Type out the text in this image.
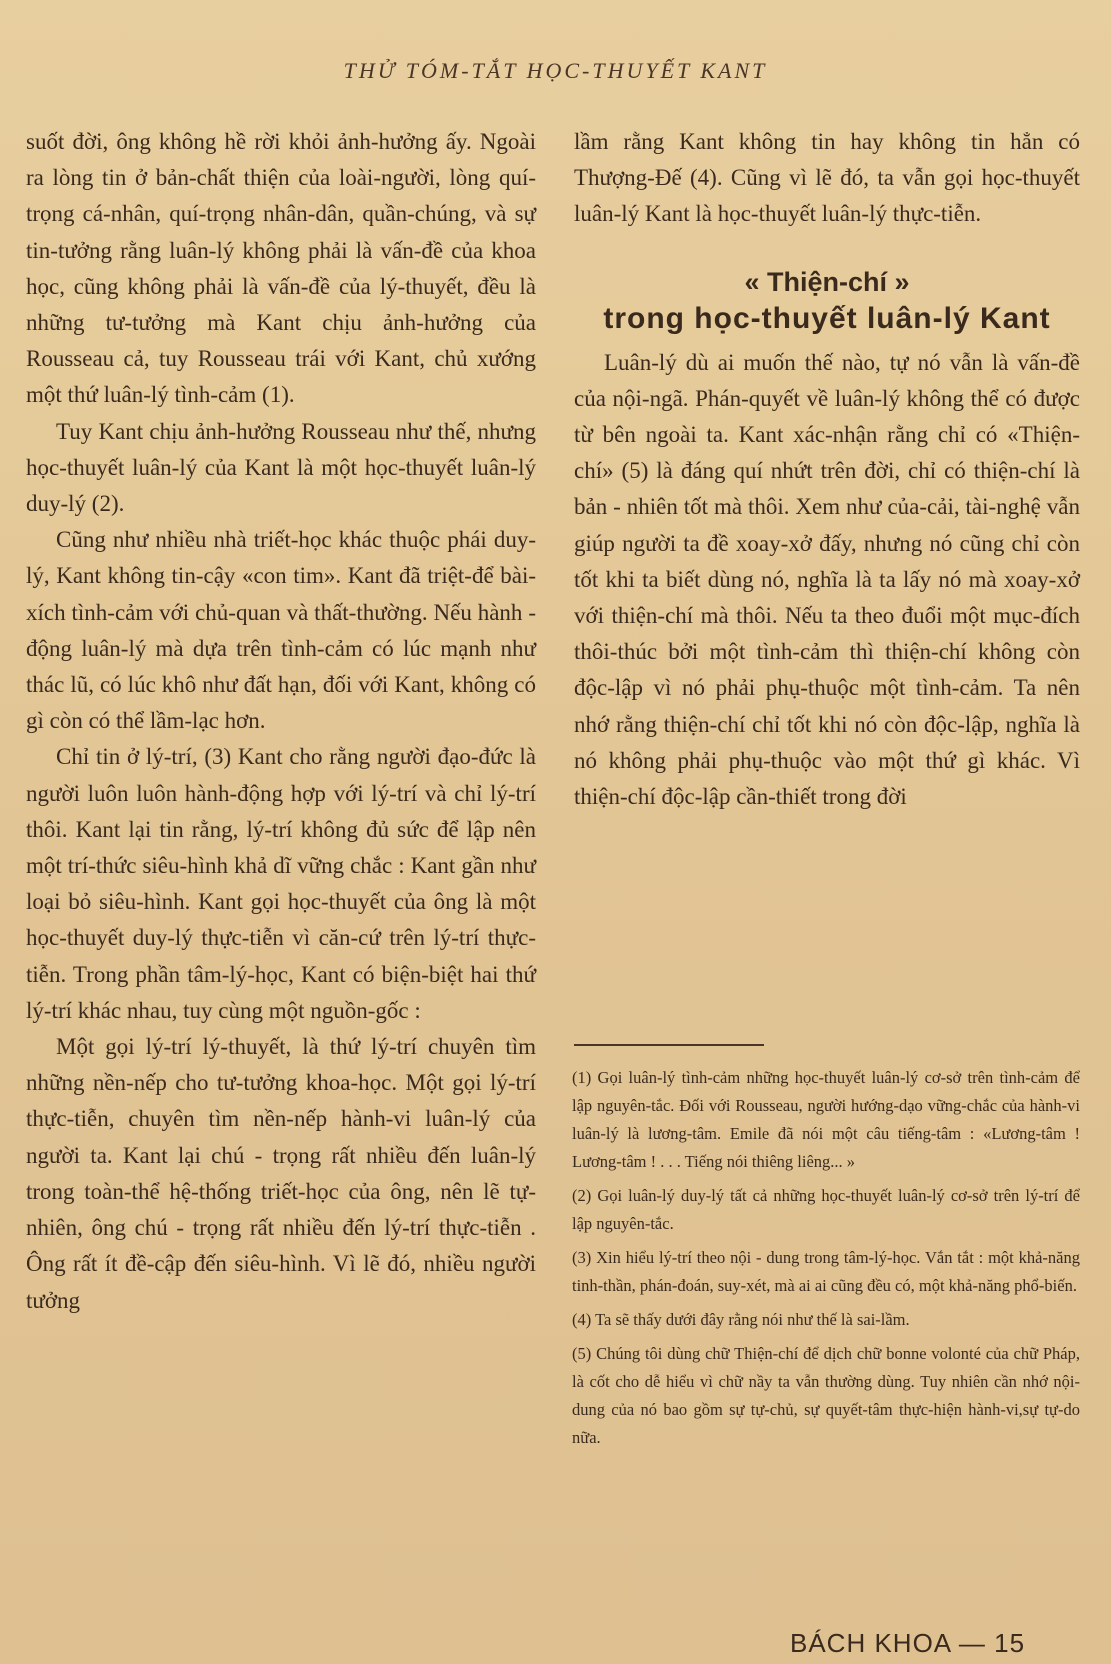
THỬ TÓM-TẮT HỌC-THUYẾT KANT

suốt đời, ông không hề rời khỏi ảnh-hưởng ấy. Ngoài ra lòng tin ở bản-chất thiện của loài-người, lòng quí-trọng cá-nhân, quí-trọng nhân-dân, quần-chúng, và sự tin-tưởng rằng luân-lý không phải là vấn-đề của khoa học, cũng không phải là vấn-đề của lý-thuyết, đều là những tư-tưởng mà Kant chịu ảnh-hưởng của Rousseau cả, tuy Rousseau trái với Kant, chủ xướng một thứ luân-lý tình-cảm (1).

Tuy Kant chịu ảnh-hưởng Rousseau như thế, nhưng học-thuyết luân-lý của Kant là một học-thuyết luân-lý duy-lý (2).

Cũng như nhiều nhà triết-học khác thuộc phái duy-lý, Kant không tin-cậy «con tim». Kant đã triệt-để bài-xích tình-cảm với chủ-quan và thất-thường. Nếu hành - động luân-lý mà dựa trên tình-cảm có lúc mạnh như thác lũ, có lúc khô như đất hạn, đối với Kant, không có gì còn có thể lầm-lạc hơn.

Chỉ tin ở lý-trí, (3) Kant cho rằng người đạo-đức là người luôn luôn hành-động hợp với lý-trí và chỉ lý-trí thôi. Kant lại tin rằng, lý-trí không đủ sức để lập nên một trí-thức siêu-hình khả dĩ vững chắc : Kant gần như loại bỏ siêu-hình. Kant gọi học-thuyết của ông là một học-thuyết duy-lý thực-tiễn vì căn-cứ trên lý-trí thực-tiễn. Trong phần tâm-lý-học, Kant có biện-biệt hai thứ lý-trí khác nhau, tuy cùng một nguồn-gốc :

Một gọi lý-trí lý-thuyết, là thứ lý-trí chuyên tìm những nền-nếp cho tư-tưởng khoa-học. Một gọi lý-trí thực-tiễn, chuyên tìm nền-nếp hành-vi luân-lý của người ta. Kant lại chú - trọng rất nhiều đến luân-lý trong toàn-thể hệ-thống triết-học của ông, nên lẽ tự-nhiên, ông chú - trọng rất nhiều đến lý-trí thực-tiễn . Ông rất ít đề-cập đến siêu-hình. Vì lẽ đó, nhiều người tưởng

lầm rằng Kant không tin hay không tin hẳn có Thượng-Đế (4). Cũng vì lẽ đó, ta vẫn gọi học-thuyết luân-lý Kant là học-thuyết luân-lý thực-tiễn.

« Thiện-chí »
trong học-thuyết luân-lý Kant

Luân-lý dù ai muốn thế nào, tự nó vẫn là vấn-đề của nội-ngã. Phán-quyết về luân-lý không thể có được từ bên ngoài ta. Kant xác-nhận rằng chỉ có «Thiện-chí» (5) là đáng quí nhứt trên đời, chỉ có thiện-chí là bản - nhiên tốt mà thôi. Xem như của-cải, tài-nghệ vẫn giúp người ta đề xoay-xở đấy, nhưng nó cũng chỉ còn tốt khi ta biết dùng nó, nghĩa là ta lấy nó mà xoay-xở với thiện-chí mà thôi. Nếu ta theo đuổi một mục-đích thôi-thúc bởi một tình-cảm thì thiện-chí không còn độc-lập vì nó phải phụ-thuộc một tình-cảm. Ta nên nhớ rằng thiện-chí chỉ tốt khi nó còn độc-lập, nghĩa là nó không phải phụ-thuộc vào một thứ gì khác. Vì thiện-chí độc-lập cần-thiết trong đời

(1) Gọi luân-lý tình-cảm những học-thuyết luân-lý cơ-sở trên tình-cảm để lập nguyên-tắc. Đối với Rousseau, người hướng-dạo vững-chắc của hành-vi luân-lý là lương-tâm. Emile đã nói một câu tiếng-tâm : «Lương-tâm ! Lương-tâm ! . . . Tiếng nói thiêng liêng... »

(2) Gọi luân-lý duy-lý tất cả những học-thuyết luân-lý cơ-sở trên lý-trí để lập nguyên-tắc.

(3) Xin hiểu lý-trí theo nội - dung trong tâm-lý-học. Vắn tắt : một khả-năng tinh-thần, phán-đoán, suy-xét, mà ai ai cũng đều có, một khả-năng phổ-biến.

(4) Ta sẽ thấy dưới đây rằng nói như thế là sai-lầm.

(5) Chúng tôi dùng chữ Thiện-chí để dịch chữ bonne volonté của chữ Pháp, là cốt cho dễ hiểu vì chữ nầy ta vẫn thường dùng. Tuy nhiên cần nhớ nội-dung của nó bao gồm sự tự-chủ, sự quyết-tâm thực-hiện hành-vi,sự tự-do nữa.

BÁCH KHOA — 15
